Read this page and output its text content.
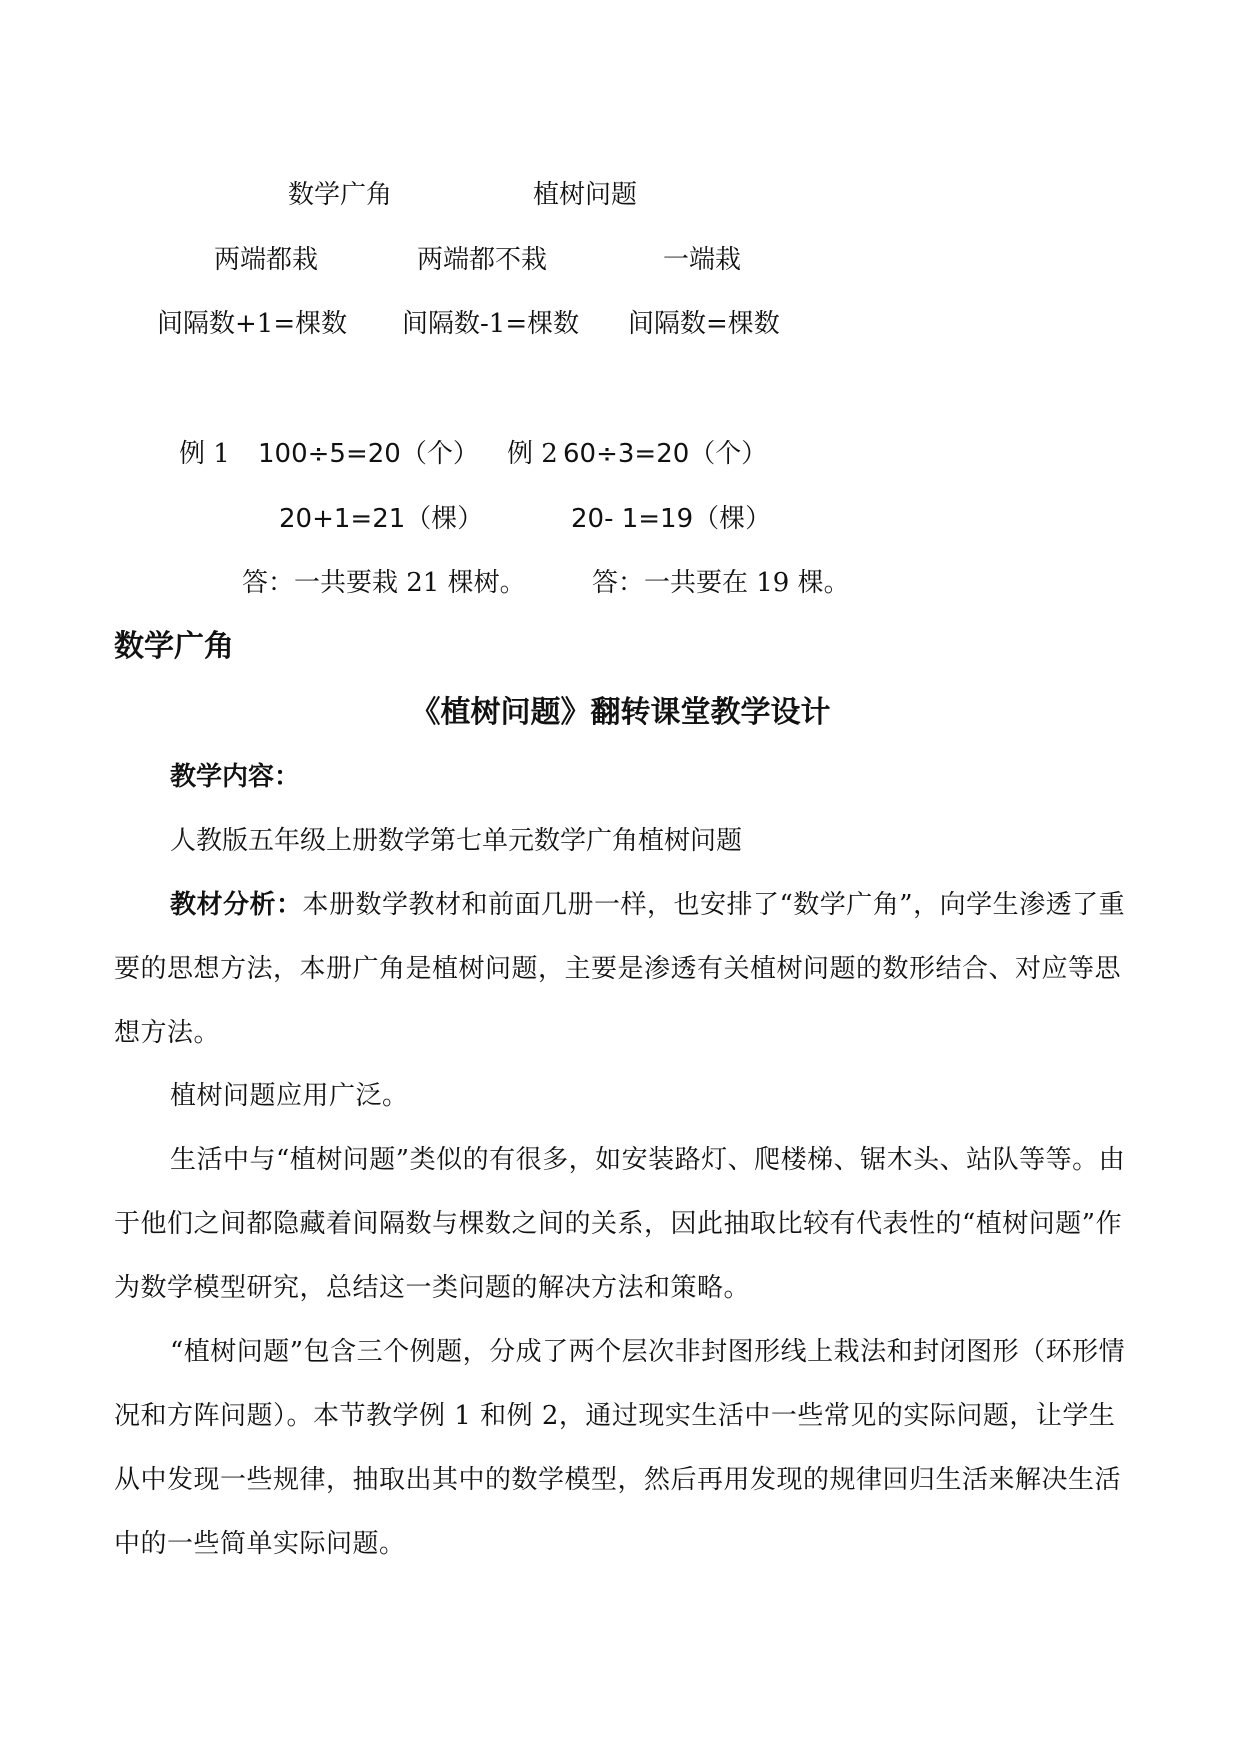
数学广角	植树问题
两端都栽	两端都不栽	一端栽
间隔数+1=棵数 间隔数-1=棵数 间隔数=棵数
例 1 100÷5=20（个） 例 2 60÷3=20（个）
20+1=21（棵）	20- 1=19（棵）
答：一共要栽 21 棵树。	答：一共要在 19 棵。
数学广角
《植树问题》翻转课堂教学设计
教学内容：
人教版五年级上册数学第七单元数学广角植树问题
教材分析：本册数学教材和前面几册一样，也安排了“数学广角”，向学生渗透了重要的思想方法，本册广角是植树问题，主要是渗透有关植树问题的数形结合、对应等思想方法。
植树问题应用广泛。
生活中与“植树问题”类似的有很多，如安装路灯、爬楼梯、锯木头、站队等等。由于他们之间都隐藏着间隔数与棵数之间的关系，因此抽取比较有代表性的“植树问题”作为数学模型研究，总结这一类问题的解决方法和策略。
“植树问题”包含三个例题，分成了两个层次非封图形线上栽法和封闭图形（环形情况和方阵问题）。本节教学例 1 和例 2，通过现实生活中一些常见的实际问题，让学生从中发现一些规律，抽取出其中的数学模型，然后再用发现的规律回归生活来解决生活中的一些简单实际问题。
